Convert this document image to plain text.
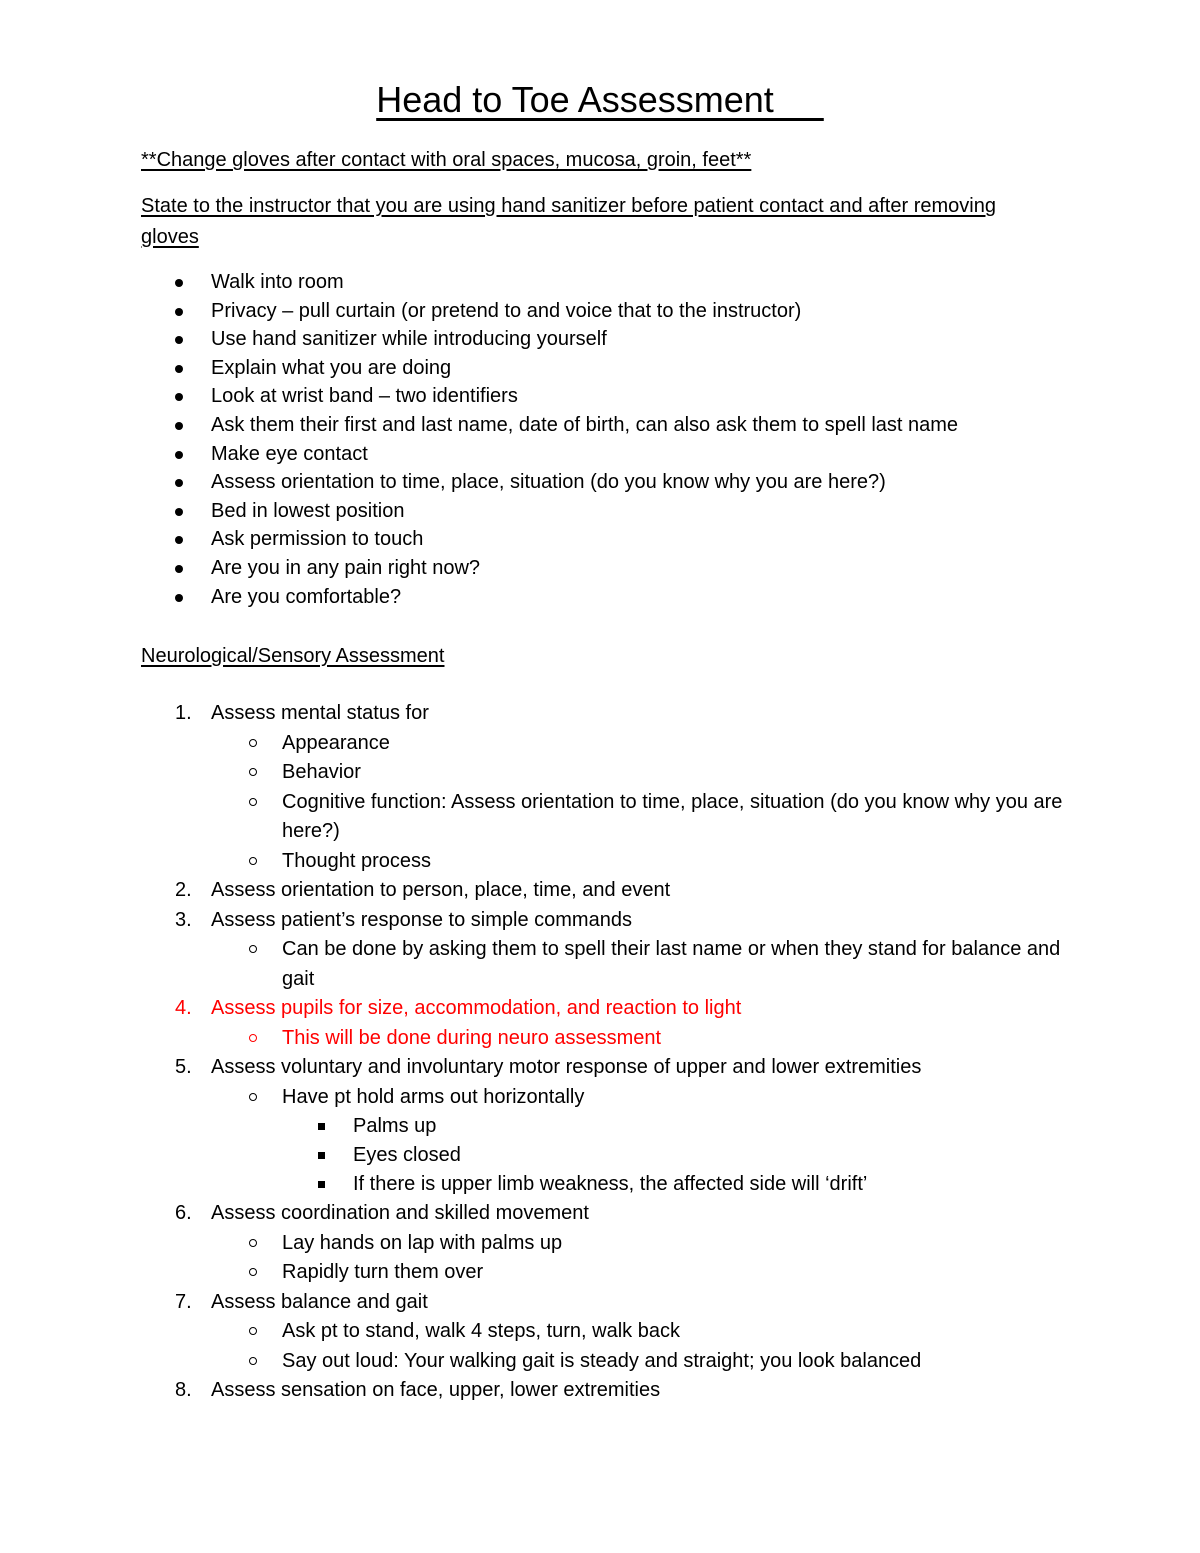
Head to Toe Assessment
**Change gloves after contact with oral spaces, mucosa, groin, feet**
State to the instructor that you are using hand sanitizer before patient contact and after removing gloves
Walk into room
Privacy – pull curtain (or pretend to and voice that to the instructor)
Use hand sanitizer while introducing yourself
Explain what you are doing
Look at wrist band – two identifiers
Ask them their first and last name, date of birth, can also ask them to spell last name
Make eye contact
Assess orientation to time, place, situation (do you know why you are here?)
Bed in lowest position
Ask permission to touch
Are you in any pain right now?
Are you comfortable?
Neurological/Sensory Assessment
1. Assess mental status for
Appearance
Behavior
Cognitive function: Assess orientation to time, place, situation (do you know why you are here?)
Thought process
2. Assess orientation to person, place, time, and event
3. Assess patient’s response to simple commands
Can be done by asking them to spell their last name or when they stand for balance and gait
4. Assess pupils for size, accommodation, and reaction to light
This will be done during neuro assessment
5. Assess voluntary and involuntary motor response of upper and lower extremities
Have pt hold arms out horizontally
Palms up
Eyes closed
If there is upper limb weakness, the affected side will ‘drift’
6. Assess coordination and skilled movement
Lay hands on lap with palms up
Rapidly turn them over
7. Assess balance and gait
Ask pt to stand, walk 4 steps, turn, walk back
Say out loud: Your walking gait is steady and straight; you look balanced
8. Assess sensation on face, upper, lower extremities
